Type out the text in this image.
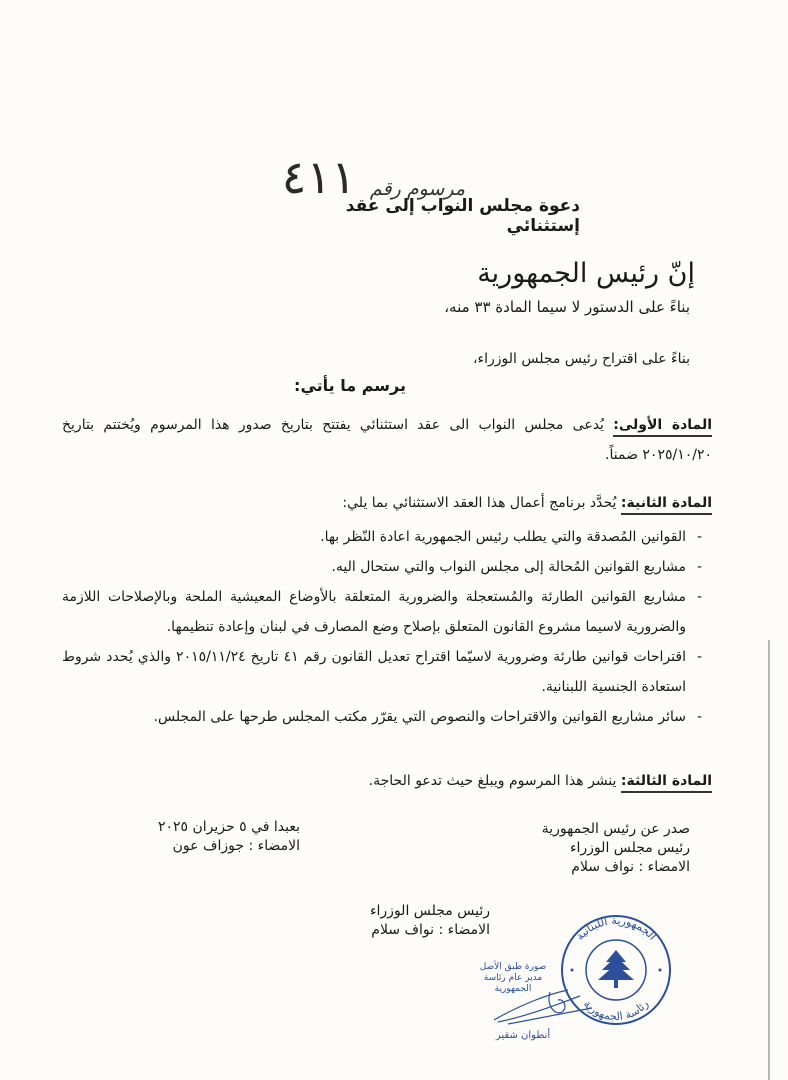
مرسوم رقم
٤١١
دعوة مجلس النواب إلى عقد إستثنائي
إنّ رئيس الجمهورية
بناءً على الدستور لا سيما المادة ٣٣ منه،
بناءً على اقتراح رئيس مجلس الوزراء،
يرسم ما يأتي:
المادة الأولى: يُدعى مجلس النواب الى عقد استثنائي يفتتح بتاريخ صدور هذا المرسوم ويُختتم بتاريخ ٢٠٢٥/١٠/٢٠ ضمناً.
المادة الثانية: يُحدَّد برنامج أعمال هذا العقد الاستثنائي بما يلي:
- القوانين المُصدقة والتي يطلب رئيس الجمهورية اعادة النّظر بها.
- مشاريع القوانين المُحالة إلى مجلس النواب والتي ستحال اليه.
- مشاريع القوانين الطارئة والمُستعجلة والضرورية المتعلقة بالأوضاع المعيشية الملحة وبالإصلاحات اللازمة والضرورية لاسيما مشروع القانون المتعلق بإصلاح وضع المصارف في لبنان وإعادة تنظيمها.
- اقتراحات قوانين طارئة وضرورية لاسيّما اقتراح تعديل القانون رقم ٤١ تاريخ ٢٠١٥/١١/٢٤ والذي يُحدد شروط استعادة الجنسية اللبنانية.
- سائر مشاريع القوانين والاقتراحات والنصوص التي يقرّر مكتب المجلس طرحها على المجلس.
المادة الثالثة: ينشر هذا المرسوم ويبلغ حيث تدعو الحاجة.
بعبدا في ٥ حزيران ٢٠٢٥
الامضاء : جوزاف عون
صدر عن رئيس الجمهورية
رئيس مجلس الوزراء
الامضاء : نواف سلام
رئيس مجلس الوزراء
الامضاء : نواف سلام
صورة طبق الأصل
مدير عام رئاسة الجمهورية
أنطوان شقير
الجمهورية اللبنانية
رئاسة الجمهورية
